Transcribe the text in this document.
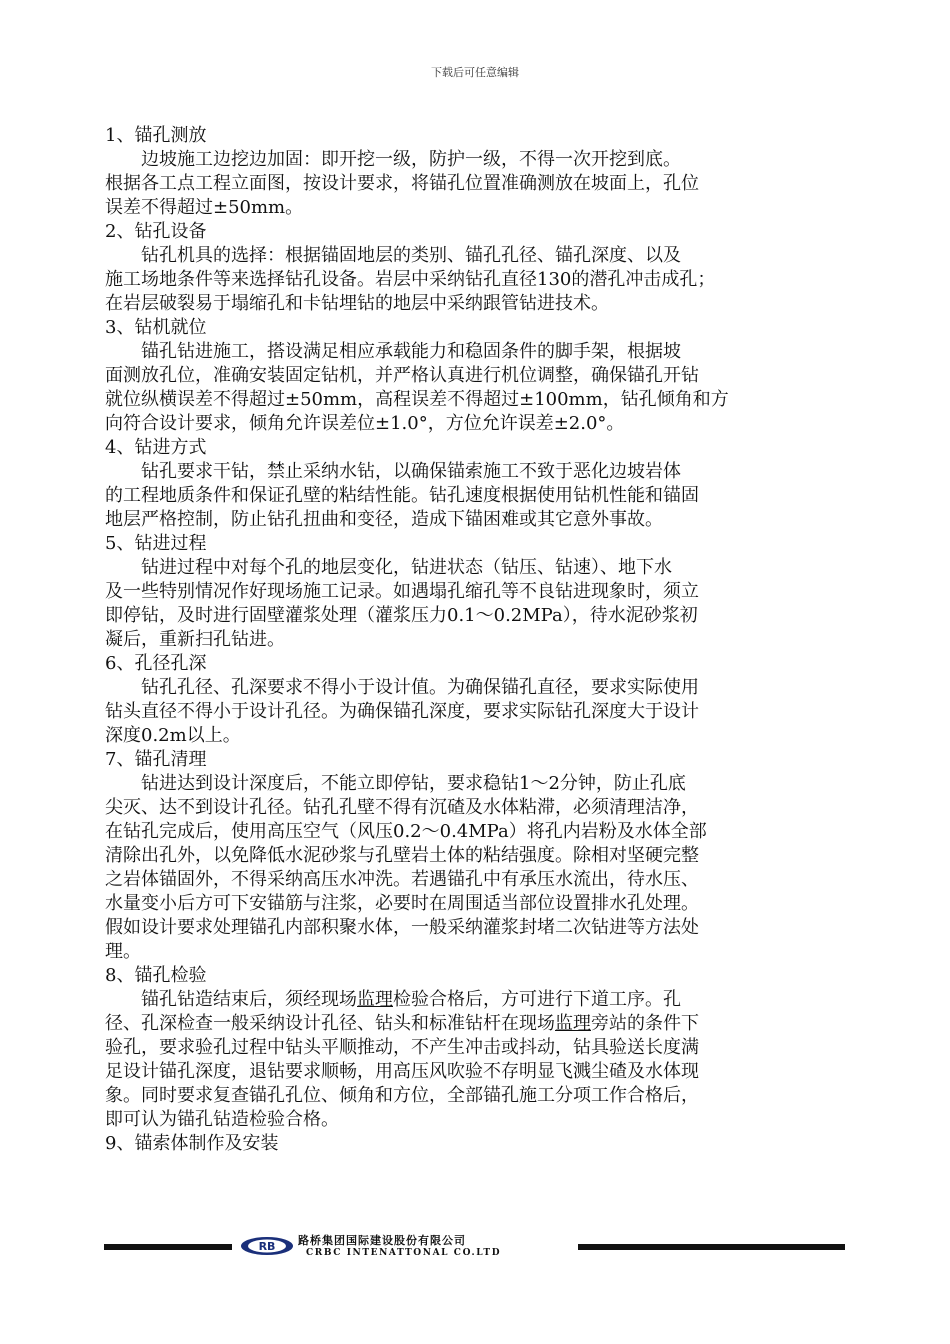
下载后可任意编辑
1、锚孔测放

　　边坡施工边挖边加固：即开挖一级，防护一级，不得一次开挖到底。
根据各工点工程立面图，按设计要求，将锚孔位置准确测放在坡面上，孔位
误差不得超过±50mm。

2、钻孔设备

　　钻孔机具的选择：根据锚固地层的类别、锚孔孔径、锚孔深度、以及
施工场地条件等来选择钻孔设备。岩层中采纳钻孔直径130的潜孔冲击成孔；
在岩层破裂易于塌缩孔和卡钻埋钻的地层中采纳跟管钻进技术。

3、钻机就位

　　锚孔钻进施工，搭设满足相应承载能力和稳固条件的脚手架，根据坡
面测放孔位，准确安装固定钻机，并严格认真进行机位调整，确保锚孔开钻
就位纵横误差不得超过±50mm，高程误差不得超过±100mm，钻孔倾角和方
向符合设计要求，倾角允许误差位±1.0°，方位允许误差±2.0°。

4、钻进方式

　　钻孔要求干钻，禁止采纳水钻，以确保锚索施工不致于恶化边坡岩体
的工程地质条件和保证孔壁的粘结性能。钻孔速度根据使用钻机性能和锚固
地层严格控制，防止钻孔扭曲和变径，造成下锚困难或其它意外事故。

5、钻进过程

　　钻进过程中对每个孔的地层变化，钻进状态（钻压、钻速）、地下水
及一些特别情况作好现场施工记录。如遇塌孔缩孔等不良钻进现象时，须立
即停钻，及时进行固壁灌浆处理（灌浆压力0.1～0.2MPa），待水泥砂浆初
凝后，重新扫孔钻进。

6、孔径孔深

　　钻孔孔径、孔深要求不得小于设计值。为确保锚孔直径，要求实际使用
钻头直径不得小于设计孔径。为确保锚孔深度，要求实际钻孔深度大于设计
深度0.2m以上。

7、锚孔清理

　　钻进达到设计深度后，不能立即停钻，要求稳钻1～2分钟，防止孔底
尖灭、达不到设计孔径。钻孔孔壁不得有沉碴及水体粘滞，必须清理洁净，
在钻孔完成后，使用高压空气（风压0.2～0.4MPa）将孔内岩粉及水体全部
清除出孔外，以免降低水泥砂浆与孔壁岩土体的粘结强度。除相对坚硬完整
之岩体锚固外，不得采纳高压水冲洗。若遇锚孔中有承压水流出，待水压、
水量变小后方可下安锚筋与注浆，必要时在周围适当部位设置排水孔处理。
假如设计要求处理锚孔内部积聚水体，一般采纳灌浆封堵二次钻进等方法处
理。

8、锚孔检验

　　锚孔钻造结束后，须经现场监理检验合格后，方可进行下道工序。孔
径、孔深检查一般采纳设计孔径、钻头和标准钻杆在现场监理旁站的条件下
验孔，要求验孔过程中钻头平顺推动，不产生冲击或抖动，钻具验送长度满
足设计锚孔深度，退钻要求顺畅，用高压风吹验不存明显飞溅尘碴及水体现
象。同时要求复查锚孔孔位、倾角和方位，全部锚孔施工分项工作合格后，
即可认为锚孔钻造检验合格。

9、锚索体制作及安装
RB 路桥集团国际建设股份有限公司
CRBC INTENATTONAL CO.LTD
